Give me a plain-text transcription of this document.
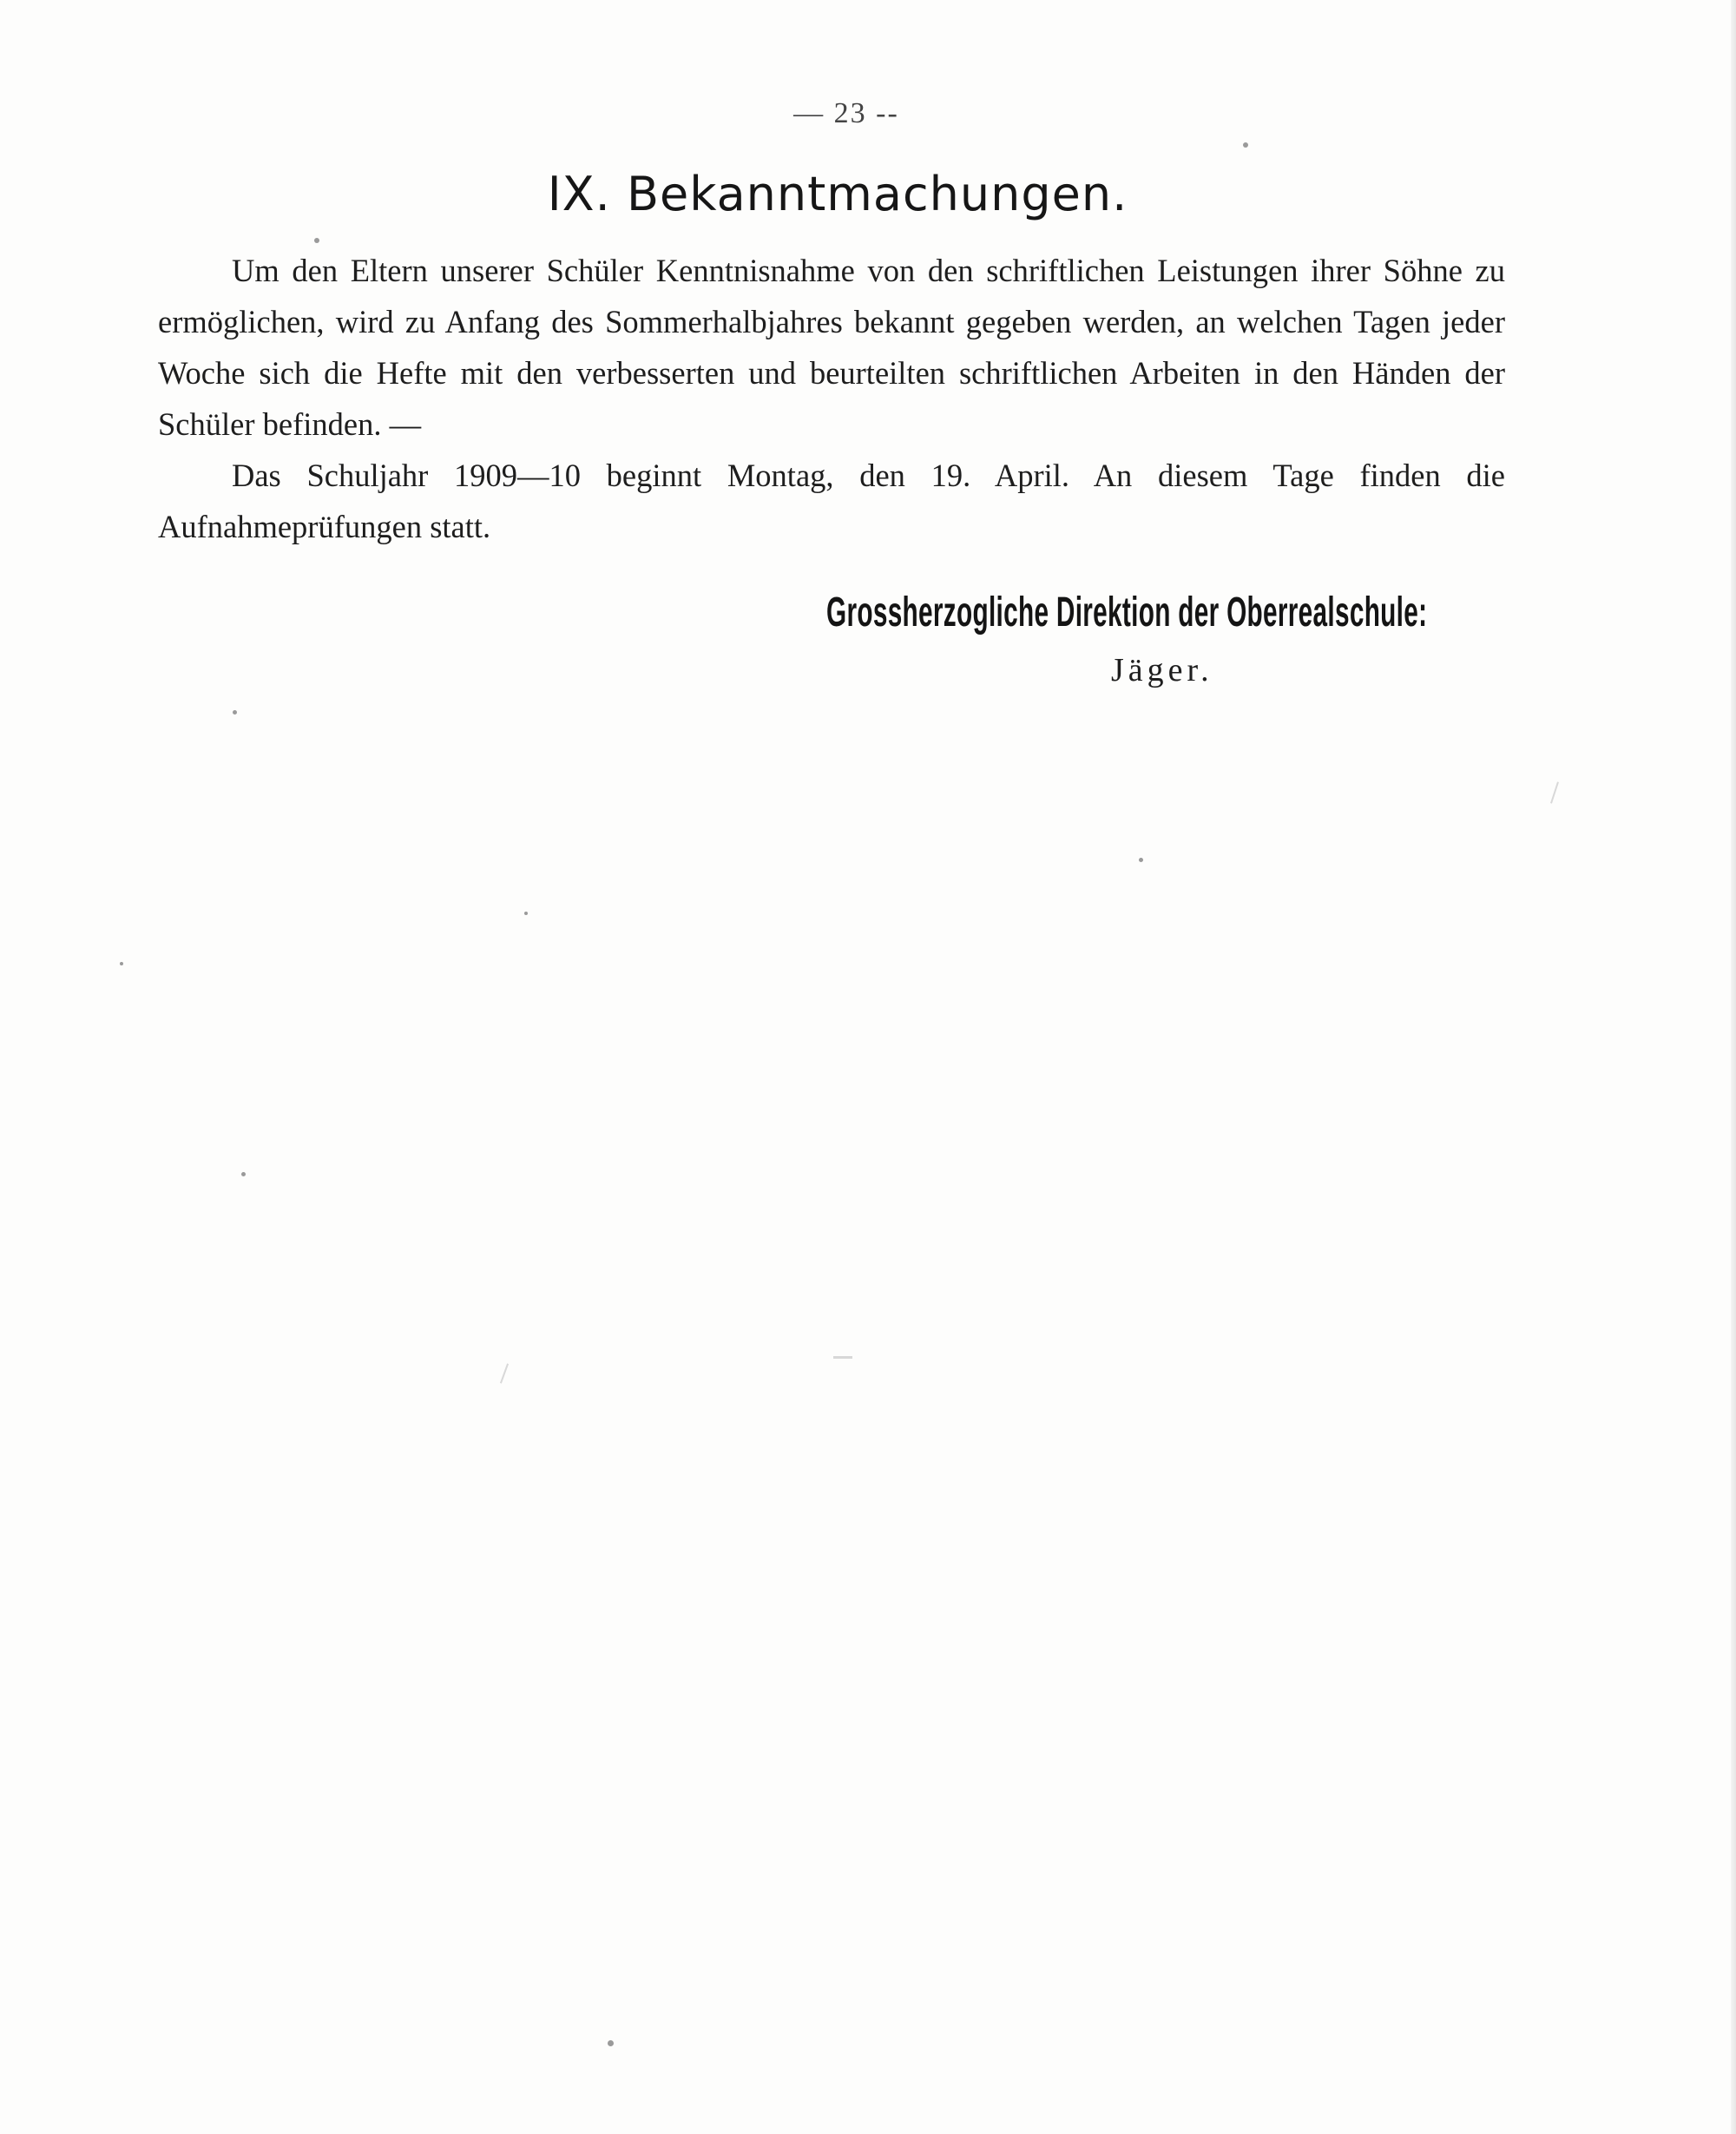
— 23 --
IX. Bekanntmachungen.

Um den Eltern unserer Schüler Kenntnisnahme von den schriftlichen Leistungen ihrer Söhne zu ermöglichen, wird zu Anfang des Sommerhalbjahres bekannt gegeben werden, an welchen Tagen jeder Woche sich die Hefte mit den verbesserten und beurteilten schriftlichen Arbeiten in den Händen der Schüler befinden. —

Das Schuljahr 1909—10 beginnt Montag, den 19. April. An diesem Tage finden die Aufnahmeprüfungen statt.

Grossherzogliche Direktion der Oberrealschule:
Jäger.
